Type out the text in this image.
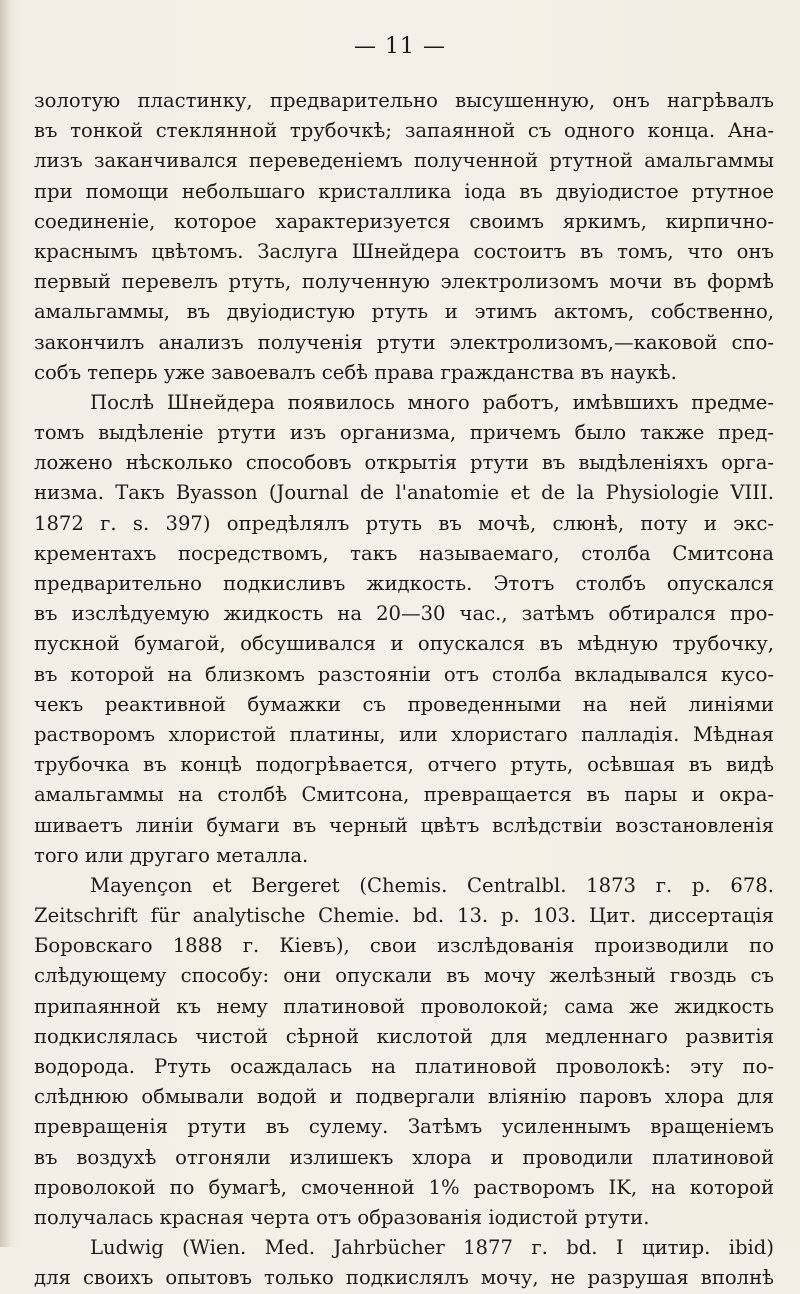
— 11 —
золотую пластинку, предварительно высушенную, онъ нагрѣвалъ
въ тонкой стеклянной трубочкѣ; запаянной съ одного конца. Ана-
лизъ заканчивался переведеніемъ полученной ртутной амальгаммы
при помощи небольшаго кристаллика іода въ двуіодистое ртутное
соединеніе, которое характеризуется своимъ яркимъ, кирпично-
краснымъ цвѣтомъ. Заслуга Шнейдера состоитъ въ томъ, что онъ
первый перевелъ ртуть, полученную электролизомъ мочи въ формѣ
амальгаммы, въ двуіодистую ртуть и этимъ актомъ, собственно,
закончилъ анализъ полученія ртути электролизомъ,—каковой спо-
собъ теперь уже завоевалъ себѣ права гражданства въ наукѣ.
Послѣ Шнейдера появилось много работъ, имѣвшихъ предме-
томъ выдѣленіе ртути изъ организма, причемъ было также пред-
ложено нѣсколько способовъ открытія ртути въ выдѣленіяхъ орга-
низма. Такъ Byasson (Journal de l'anatomie et de la Physiologie VIII.
1872 г. s. 397) опредѣлялъ ртуть въ мочѣ, слюнѣ, поту и экс-
крементахъ посредствомъ, такъ называемаго, столба Смитсона
предварительно подкисливъ жидкость. Этотъ столбъ опускался
въ изслѣдуемую жидкость на 20—30 час., затѣмъ обтирался про-
пускной бумагой, обсушивался и опускался въ мѣдную трубочку,
въ которой на близкомъ разстояніи отъ столба вкладывался кусо-
чекъ реактивной бумажки съ проведенными на ней линіями
растворомъ хлористой платины, или хлористаго палладія. Мѣдная
трубочка въ концѣ подогрѣвается, отчего ртуть, осѣвшая въ видѣ
амальгаммы на столбѣ Смитсона, превращается въ пары и окра-
шиваетъ линіи бумаги въ черный цвѣтъ вслѣдствіи возстановленія
того или другаго металла.
Mayençon et Bergeret (Chemis. Centralbl. 1873 г. p. 678.
Zeitschrift für analytische Chemie. bd. 13. p. 103. Цит. диссертація
Боровскаго 1888 г. Кіевъ), свои изслѣдованія производили по
слѣдующему способу: они опускали въ мочу желѣзный гвоздь съ
припаянной къ нему платиновой проволокой; сама же жидкость
подкислялась чистой сѣрной кислотой для медленнаго развитія
водорода. Ртуть осаждалась на платиновой проволокѣ: эту по-
слѣднюю обмывали водой и подвергали вліянію паровъ хлора для
превращенія ртути въ сулему. Затѣмъ усиленнымъ вращеніемъ
въ воздухѣ отгоняли излишекъ хлора и проводили платиновой
проволокой по бумагѣ, смоченной 1% растворомъ IK, на которой
получалась красная черта отъ образованія іодистой ртути.
Ludwig (Wien. Med. Jahrbücher 1877 г. bd. I цитир. ibid)
для своихъ опытовъ только подкислялъ мочу, не разрушая вполнѣ
